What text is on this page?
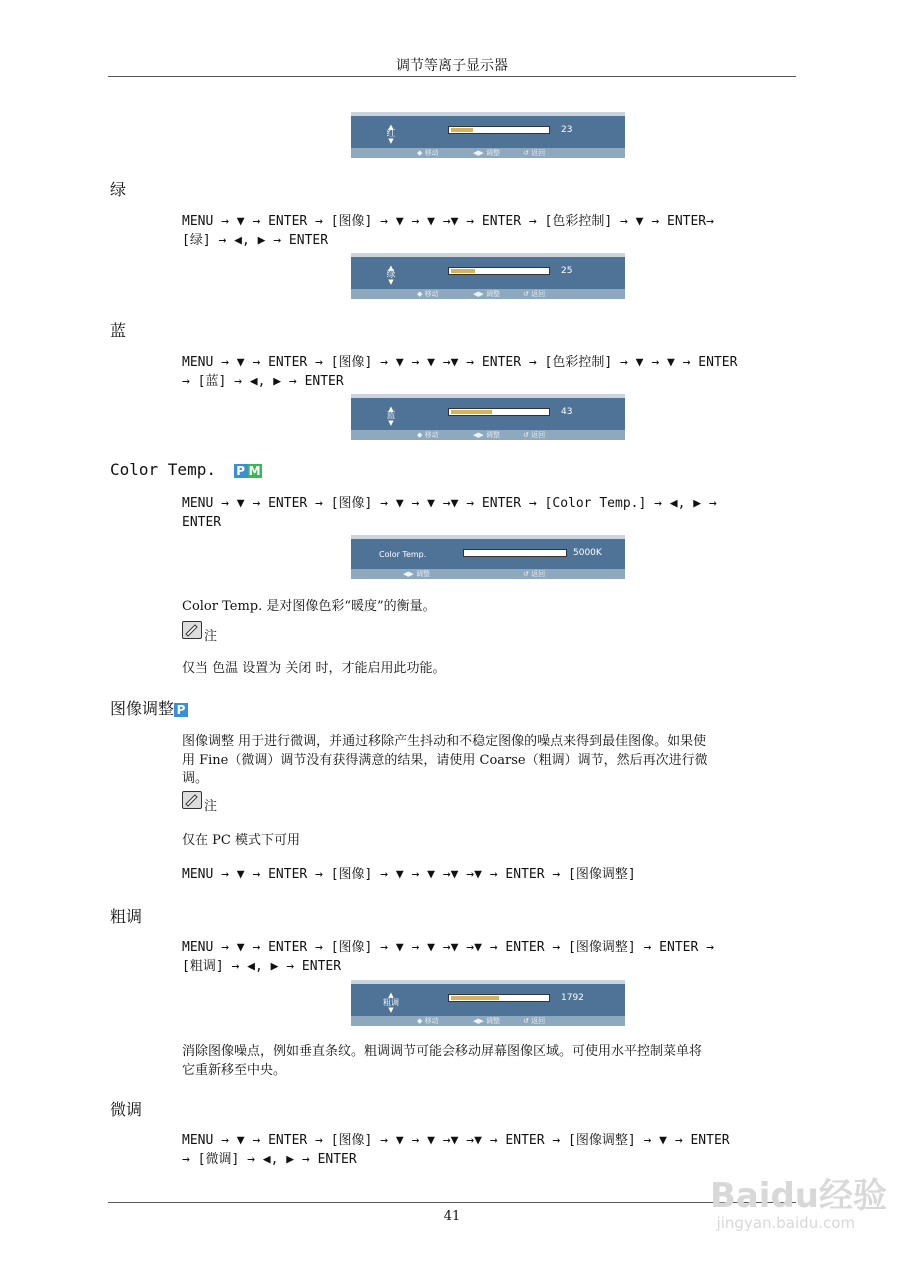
调节等离子显示器
▲
红
▼
23
◆ 移动	◀▶ 调整	↺ 返回
绿
MENU → ▼ → ENTER → [图像] → ▼ → ▼ →▼ → ENTER → [色彩控制] → ▼ → ENTER→
[绿] → ◀, ▶ → ENTER
▲
绿
▼
25
◆ 移动	◀▶ 调整	↺ 返回
蓝
MENU → ▼ → ENTER → [图像] → ▼ → ▼ →▼ → ENTER → [色彩控制] → ▼ → ▼ → ENTER
→ [蓝] → ◀, ▶ → ENTER
▲
蓝
▼
43
◆ 移动	◀▶ 调整	↺ 返回
Color Temp. P M
MENU → ▼ → ENTER → [图像] → ▼ → ▼ →▼ → ENTER → [Color Temp.] → ◀, ▶ →
ENTER
Color Temp.	5000K
◀▶ 调整	↺ 返回
Color Temp. 是对图像色彩“暖度”的衡量。
注
仅当 色温 设置为 关闭 时，才能启用此功能。
图像调整 P
图像调整 用于进行微调，并通过移除产生抖动和不稳定图像的噪点来得到最佳图像。如果使
用 Fine（微调）调节没有获得满意的结果，请使用 Coarse（粗调）调节，然后再次进行微
调。
注
仅在 PC 模式下可用
MENU → ▼ → ENTER → [图像] → ▼ → ▼ →▼ →▼ → ENTER → [图像调整]
粗调
MENU → ▼ → ENTER → [图像] → ▼ → ▼ →▼ →▼ → ENTER → [图像调整] → ENTER →
[粗调] → ◀, ▶ → ENTER
▲
粗调
▼
1792
◆ 移动	◀▶ 调整	↺ 返回
消除图像噪点，例如垂直条纹。粗调调节可能会移动屏幕图像区域。可使用水平控制菜单将
它重新移至中央。
微调
MENU → ▼ → ENTER → [图像] → ▼ → ▼ →▼ →▼ → ENTER → [图像调整] → ▼ → ENTER
→ [微调] → ◀, ▶ → ENTER
41
Baidu经验
jingyan.baidu.com
